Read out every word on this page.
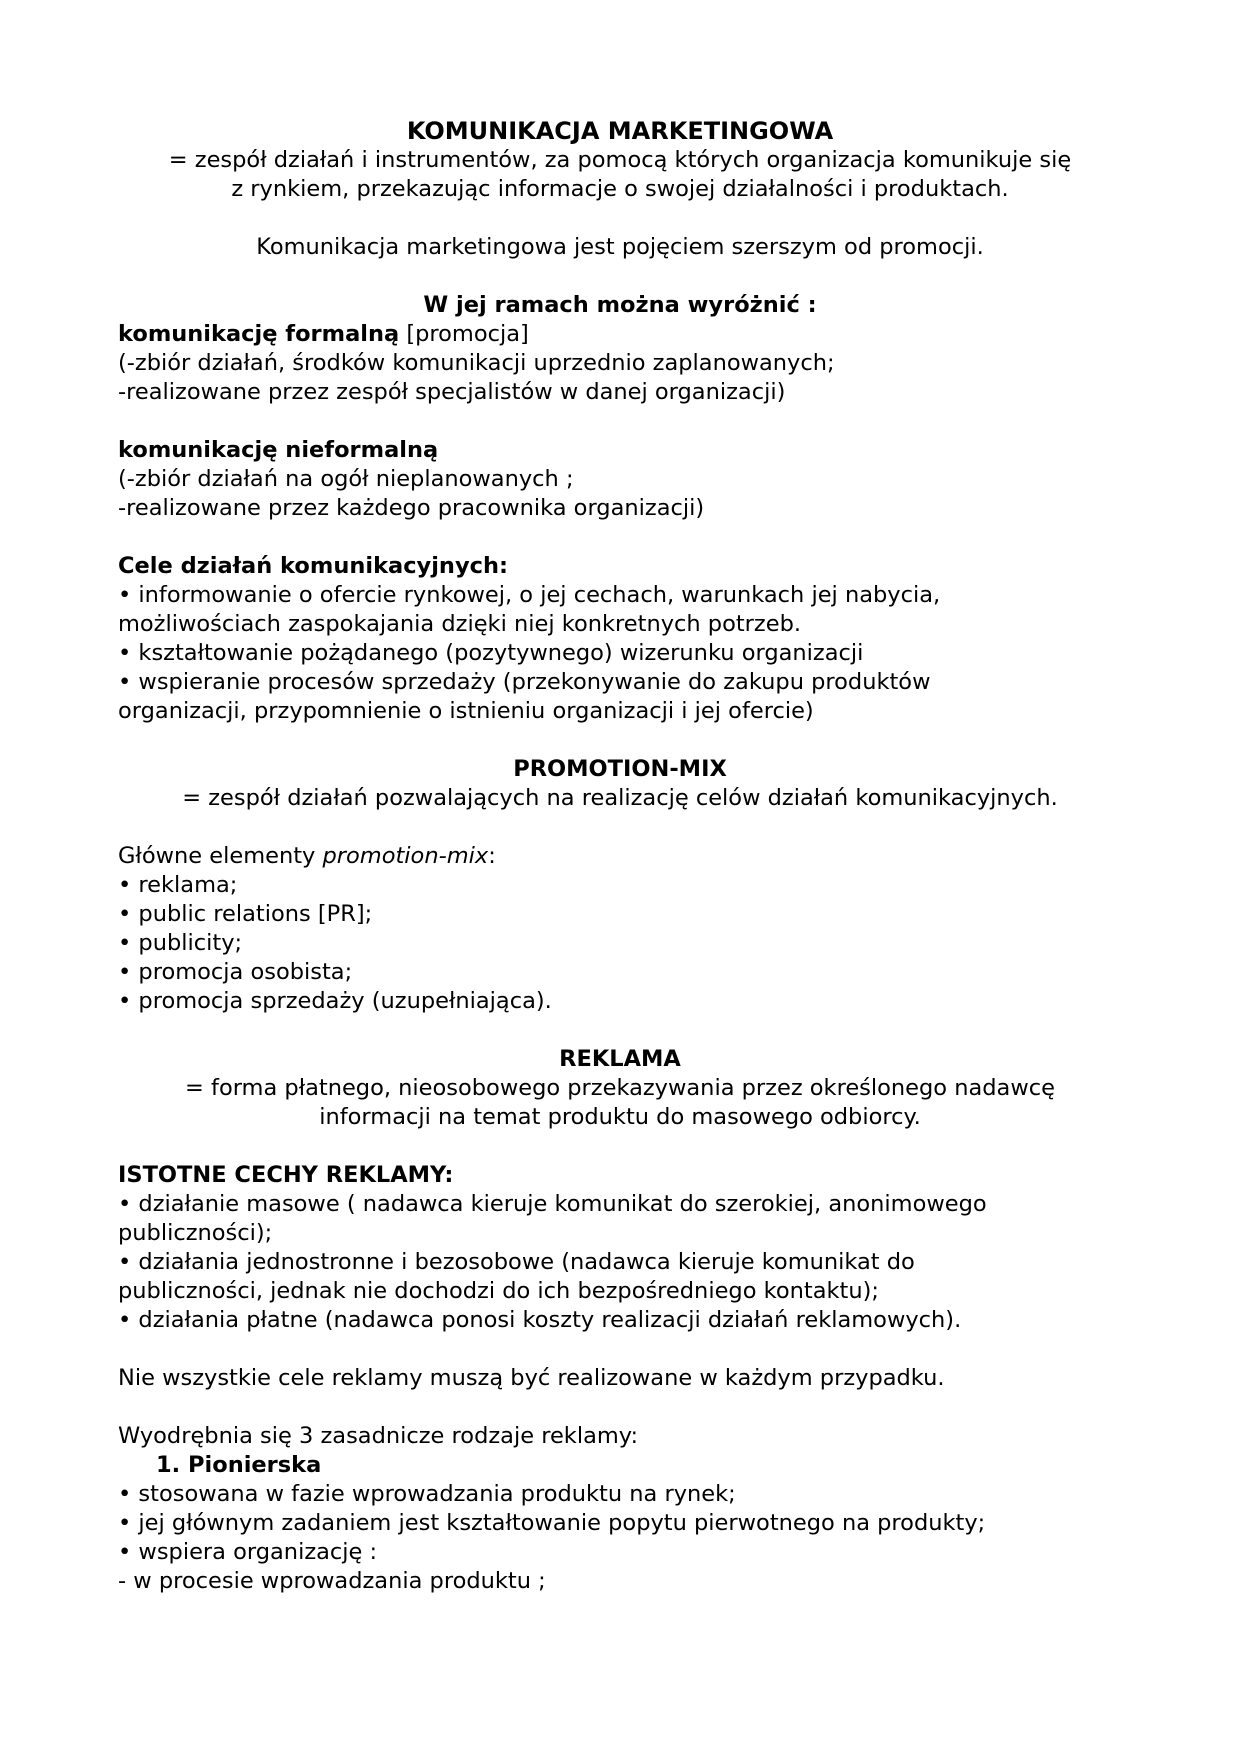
KOMUNIKACJA MARKETINGOWA
= zespół działań i instrumentów, za pomocą których organizacja komunikuje się
z rynkiem, przekazując informacje o swojej działalności i produktach.
Komunikacja marketingowa jest pojęciem szerszym od promocji.
W jej ramach można wyróżnić :
komunikację formalną [promocja]
(-zbiór działań, środków komunikacji uprzednio zaplanowanych;
-realizowane przez zespół specjalistów w danej organizacji)
komunikację nieformalną
(-zbiór działań na ogół nieplanowanych ;
-realizowane przez każdego pracownika organizacji)
Cele działań komunikacyjnych:
• informowanie o ofercie rynkowej, o jej cechach, warunkach jej nabycia,
możliwościach zaspokajania dzięki niej konkretnych potrzeb.
• kształtowanie pożądanego (pozytywnego) wizerunku organizacji
• wspieranie procesów sprzedaży (przekonywanie do zakupu produktów
organizacji, przypomnienie o istnieniu organizacji i jej ofercie)
PROMOTION-MIX
= zespół działań pozwalających na realizację celów działań komunikacyjnych.
Główne elementy promotion-mix:
• reklama;
• public relations [PR];
• publicity;
• promocja osobista;
• promocja sprzedaży (uzupełniająca).
REKLAMA
= forma płatnego, nieosobowego przekazywania przez określonego nadawcę
informacji na temat produktu do masowego odbiorcy.
ISTOTNE CECHY REKLAMY:
• działanie masowe ( nadawca kieruje komunikat do szerokiej, anonimowego
publiczności);
• działania jednostronne i bezosobowe (nadawca kieruje komunikat do
publiczności, jednak nie dochodzi do ich bezpośredniego kontaktu);
• działania płatne (nadawca ponosi koszty realizacji działań reklamowych).
Nie wszystkie cele reklamy muszą być realizowane w każdym przypadku.
Wyodrębnia się 3 zasadnicze rodzaje reklamy:
1. Pionierska
• stosowana w fazie wprowadzania produktu na rynek;
• jej głównym zadaniem jest kształtowanie popytu pierwotnego na produkty;
• wspiera organizację :
- w procesie wprowadzania produktu ;
